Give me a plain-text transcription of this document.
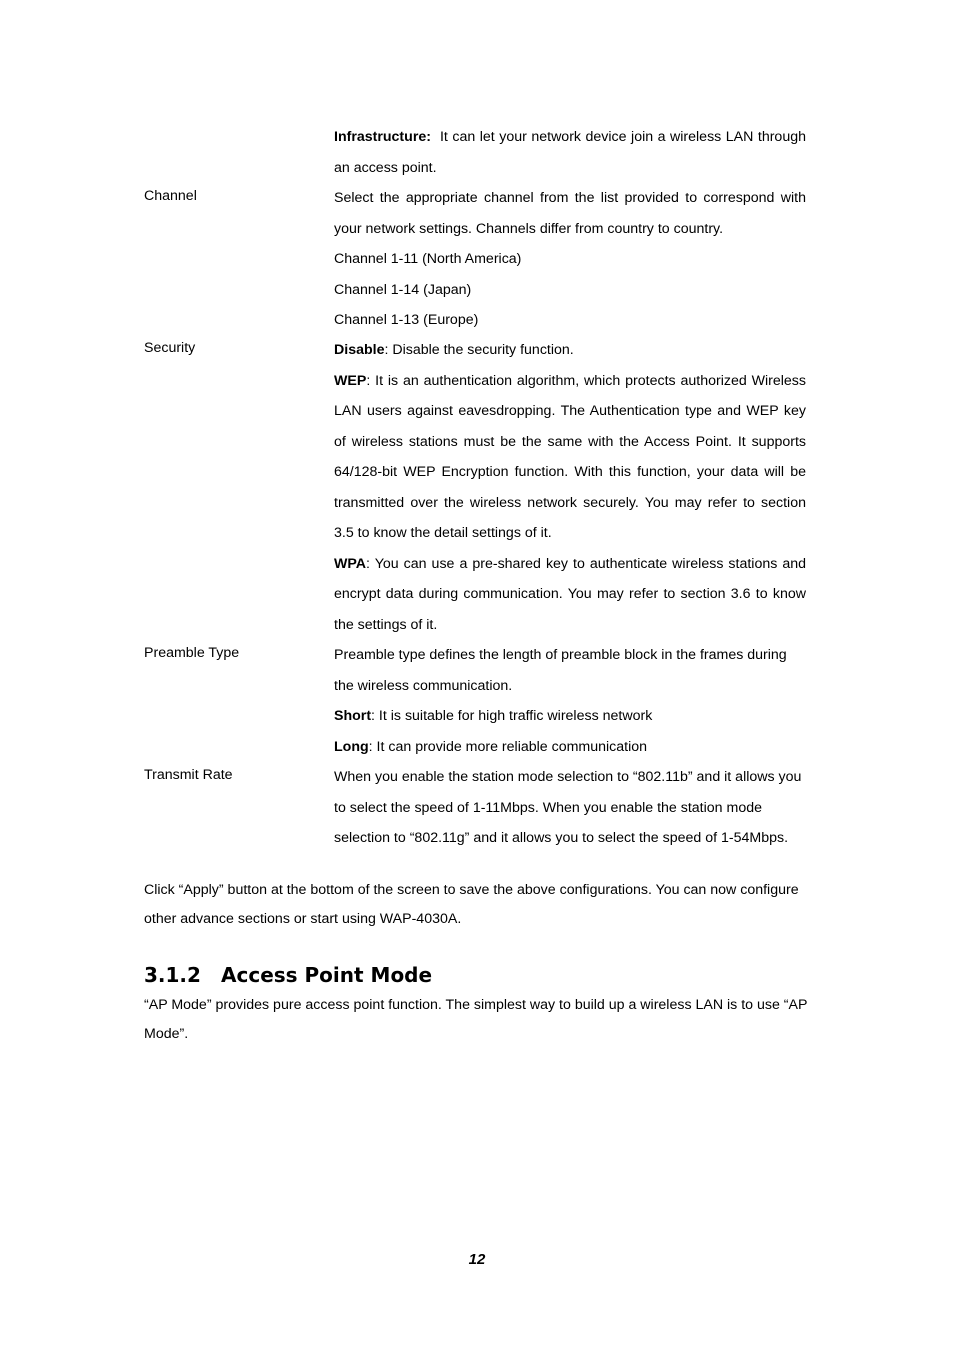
Infrastructure: It can let your network device join a wireless LAN through an access point.
Channel	Select the appropriate channel from the list provided to correspond with your network settings. Channels differ from country to country.
Channel 1-11 (North America)
Channel 1-14 (Japan)
Channel 1-13 (Europe)
Security	Disable: Disable the security function.
WEP: It is an authentication algorithm, which protects authorized Wireless LAN users against eavesdropping. The Authentication type and WEP key of wireless stations must be the same with the Access Point. It supports 64/128-bit WEP Encryption function. With this function, your data will be transmitted over the wireless network securely. You may refer to section 3.5 to know the detail settings of it.
WPA: You can use a pre-shared key to authenticate wireless stations and encrypt data during communication. You may refer to section 3.6 to know the settings of it.
Preamble Type	Preamble type defines the length of preamble block in the frames during the wireless communication.
Short: It is suitable for high traffic wireless network
Long: It can provide more reliable communication
Transmit Rate	When you enable the station mode selection to “802.11b” and it allows you to select the speed of 1-11Mbps. When you enable the station mode selection to “802.11g” and it allows you to select the speed of 1-54Mbps.
Click “Apply” button at the bottom of the screen to save the above configurations. You can now configure other advance sections or start using WAP-4030A.
3.1.2 Access Point Mode
“AP Mode” provides pure access point function. The simplest way to build up a wireless LAN is to use “AP Mode”.
12
